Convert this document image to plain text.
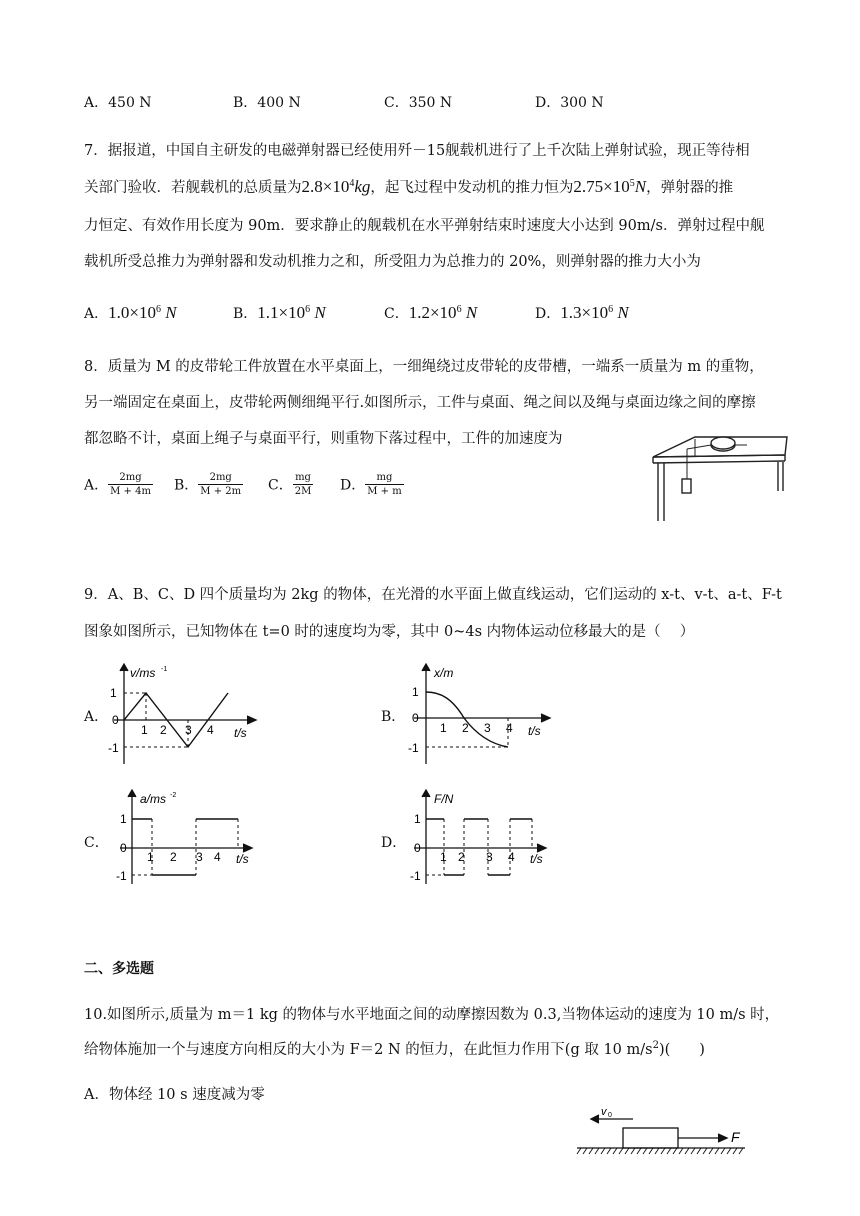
A．450 N	B．400 N	C．350 N	D．300 N
7．据报道，中国自主研发的电磁弹射器已经使用歼－15舰载机进行了上千次陆上弹射试验，现正等待相
关部门验收．若舰载机的总质量为$2.8\times 10^4kg$，起飞过程中发动机的推力恒为$2.75\times 10^5N$，弹射器的推
力恒定、有效作用长度为 90m．要求静止的舰载机在水平弹射结束时速度大小达到 90m/s．弹射过程中舰
载机所受总推力为弹射器和发动机推力之和，所受阻力为总推力的 20%，则弹射器的推力大小为
A．$1.0\times 10^6$ N	B．$1.1\times 10^6$ N	C．$1.2\times 10^6$ N	D．$1.3\times 10^6$ N
8．质量为 M 的皮带轮工件放置在水平桌面上，一细绳绕过皮带轮的皮带槽，一端系一质量为 m 的重物，
另一端固定在桌面上，皮带轮两侧细绳平行.如图所示，工件与桌面、绳之间以及绳与桌面边缘之间的摩擦
都忽略不计，桌面上绳子与桌面平行，则重物下落过程中，工件的加速度为
A． $\frac{2mg}{M + 4m}$ B． $\frac{2mg}{M + 2m}$ C． $\frac{mg}{2M}$ D． $\frac{mg}{M + m}$
9．A、B、C、D 四个质量均为 2kg 的物体，在光滑的水平面上做直线运动，它们运动的 x-t、v-t、a-t、F-t
图象如图所示，已知物体在 t=0 时的速度均为零，其中 0~4s 内物体运动位移最大的是（　 ）
A．
v/ms -1
1
0
-1
1 2 3 4 t/s
B．
x/m
1
0
-1
1 2 3 4 t/s
C．
a/ms -2
1
0
-1
1 2 3 4 t/s
D．
F/N
1
0
-1
1 2 3 4 t/s
二、多选题
10.如图所示,质量为 m＝1 kg 的物体与水平地面之间的动摩擦因数为 0.3,当物体运动的速度为 10 m/s 时，
给物体施加一个与速度方向相反的大小为 F＝2 N 的恒力，在此恒力作用下(g 取 10 $m/s^2$)(　　)
A．物体经 10 s 速度减为零
v 0
F
